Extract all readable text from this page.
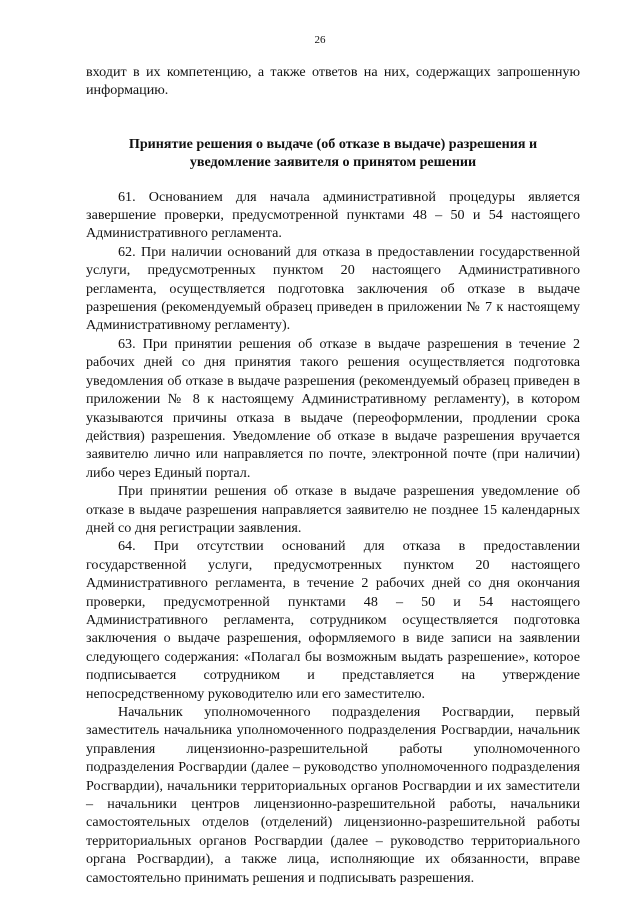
26

входит в их компетенцию, а также ответов на них, содержащих запрошенную информацию.

Принятие решения о выдаче (об отказе в выдаче) разрешения и уведомление заявителя о принятом решении

61. Основанием для начала административной процедуры является завершение проверки, предусмотренной пунктами 48 – 50 и 54 настоящего Административного регламента.

62. При наличии оснований для отказа в предоставлении государственной услуги, предусмотренных пунктом 20 настоящего Административного регламента, осуществляется подготовка заключения об отказе в выдаче разрешения (рекомендуемый образец приведен в приложении № 7 к настоящему Административному регламенту).

63. При принятии решения об отказе в выдаче разрешения в течение 2 рабочих дней со дня принятия такого решения осуществляется подготовка уведомления об отказе в выдаче разрешения (рекомендуемый образец приведен в приложении № 8 к настоящему Административному регламенту), в котором указываются причины отказа в выдаче (переоформлении, продлении срока действия) разрешения. Уведомление об отказе в выдаче разрешения вручается заявителю лично или направляется по почте, электронной почте (при наличии) либо через Единый портал.

При принятии решения об отказе в выдаче разрешения уведомление об отказе в выдаче разрешения направляется заявителю не позднее 15 календарных дней со дня регистрации заявления.

64. При отсутствии оснований для отказа в предоставлении государственной услуги, предусмотренных пунктом 20 настоящего Административного регламента, в течение 2 рабочих дней со дня окончания проверки, предусмотренной пунктами 48 – 50 и 54 настоящего Административного регламента, сотрудником осуществляется подготовка заключения о выдаче разрешения, оформляемого в виде записи на заявлении следующего содержания: «Полагал бы возможным выдать разрешение», которое подписывается сотрудником и представляется на утверждение непосредственному руководителю или его заместителю.

Начальник уполномоченного подразделения Росгвардии, первый заместитель начальника уполномоченного подразделения Росгвардии, начальник управления лицензионно-разрешительной работы уполномоченного подразделения Росгвардии (далее – руководство уполномоченного подразделения Росгвардии), начальники территориальных органов Росгвардии и их заместители – начальники центров лицензионно-разрешительной работы, начальники самостоятельных отделов (отделений) лицензионно-разрешительной работы территориальных органов Росгвардии (далее – руководство территориального органа Росгвардии), а также лица, исполняющие их обязанности, вправе самостоятельно принимать решения и подписывать разрешения.
